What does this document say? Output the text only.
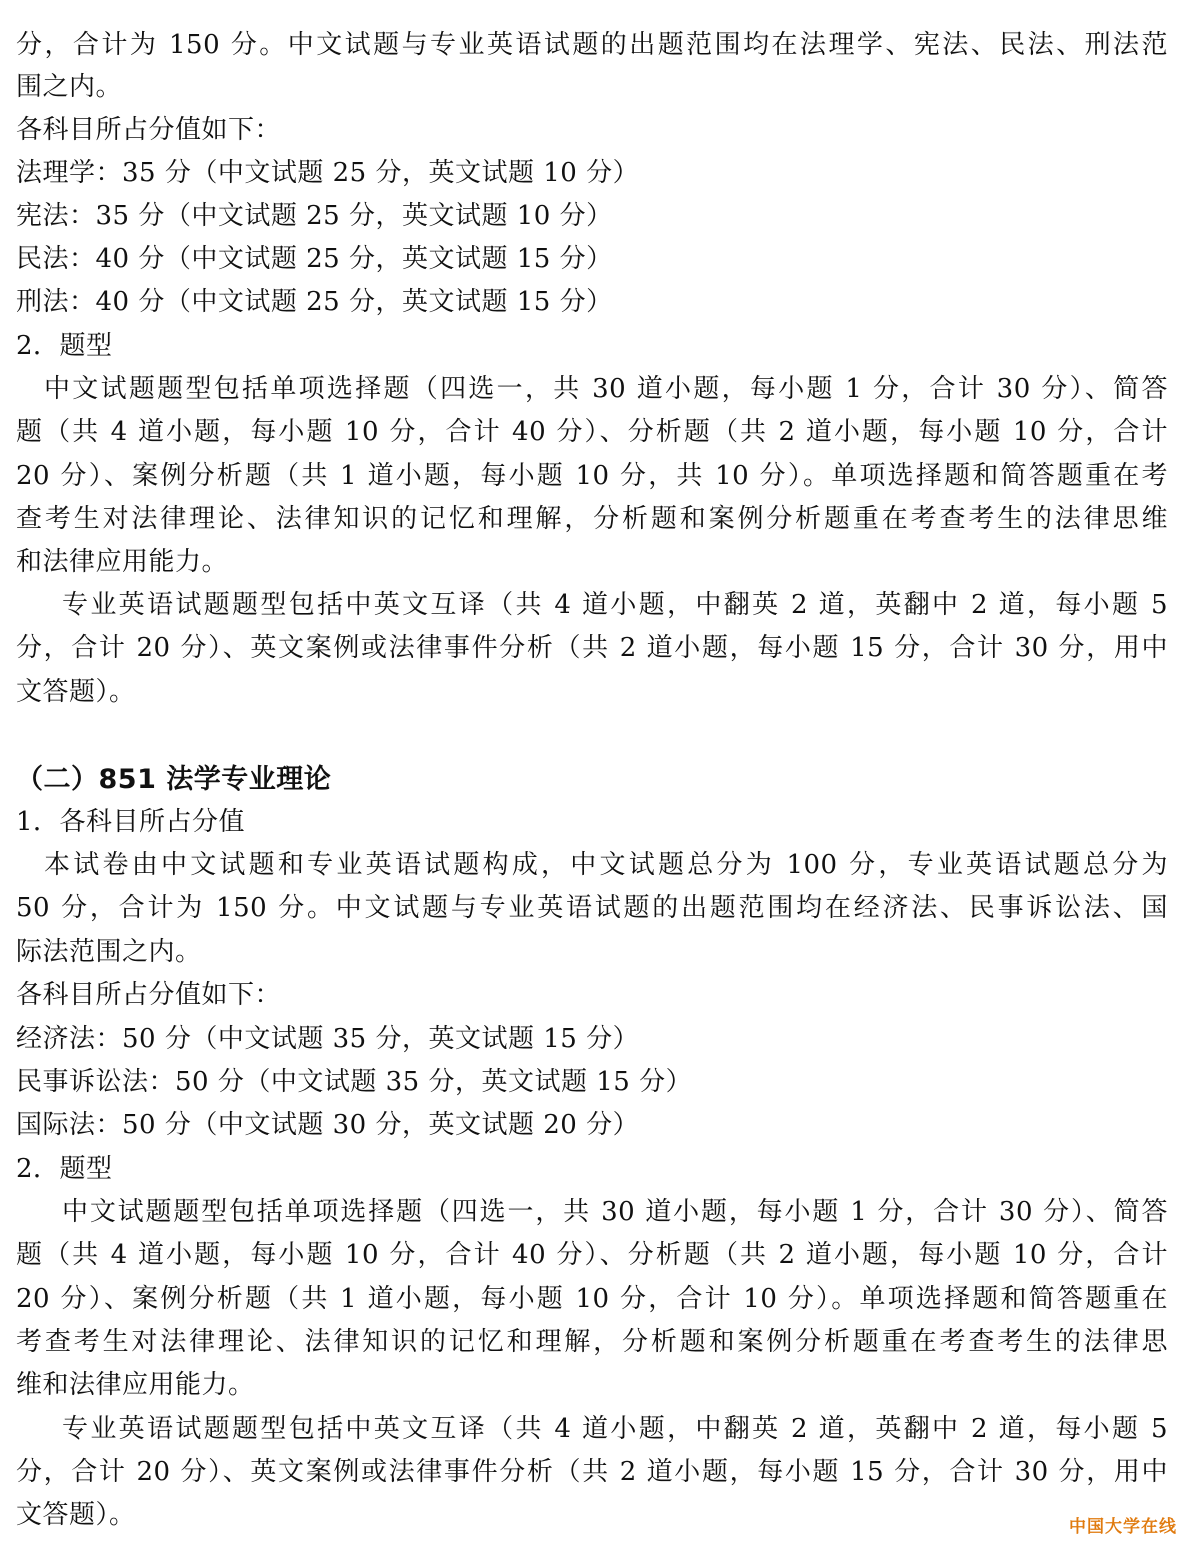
分，合计为 150 分。中文试题与专业英语试题的出题范围均在法理学、宪法、民法、刑法范
围之内。
各科目所占分值如下：
法理学：35 分（中文试题 25 分，英文试题 10 分）
宪法：35 分（中文试题 25 分，英文试题 10 分）
民法：40 分（中文试题 25 分，英文试题 15 分）
刑法：40 分（中文试题 25 分，英文试题 15 分）
2．题型
中文试题题型包括单项选择题（四选一，共 30 道小题，每小题 1 分，合计 30 分）、简答
题（共 4 道小题，每小题 10 分，合计 40 分）、分析题（共 2 道小题，每小题 10 分，合计
20 分）、案例分析题（共 1 道小题，每小题 10 分，共 10 分）。单项选择题和简答题重在考
查考生对法律理论、法律知识的记忆和理解，分析题和案例分析题重在考查考生的法律思维
和法律应用能力。
专业英语试题题型包括中英文互译（共 4 道小题，中翻英 2 道，英翻中 2 道，每小题 5
分，合计 20 分）、英文案例或法律事件分析（共 2 道小题，每小题 15 分，合计 30 分，用中
文答题）。
（二）851 法学专业理论
1．各科目所占分值
本试卷由中文试题和专业英语试题构成，中文试题总分为 100 分，专业英语试题总分为
50 分，合计为 150 分。中文试题与专业英语试题的出题范围均在经济法、民事诉讼法、国
际法范围之内。
各科目所占分值如下：
经济法：50 分（中文试题 35 分，英文试题 15 分）
民事诉讼法：50 分（中文试题 35 分，英文试题 15 分）
国际法：50 分（中文试题 30 分，英文试题 20 分）
2．题型
中文试题题型包括单项选择题（四选一，共 30 道小题，每小题 1 分，合计 30 分）、简答
题（共 4 道小题，每小题 10 分，合计 40 分）、分析题（共 2 道小题，每小题 10 分，合计
20 分）、案例分析题（共 1 道小题，每小题 10 分，合计 10 分）。单项选择题和简答题重在
考查考生对法律理论、法律知识的记忆和理解，分析题和案例分析题重在考查考生的法律思
维和法律应用能力。
专业英语试题题型包括中英文互译（共 4 道小题，中翻英 2 道，英翻中 2 道，每小题 5
分，合计 20 分）、英文案例或法律事件分析（共 2 道小题，每小题 15 分，合计 30 分，用中
文答题）。	中国大学在线
